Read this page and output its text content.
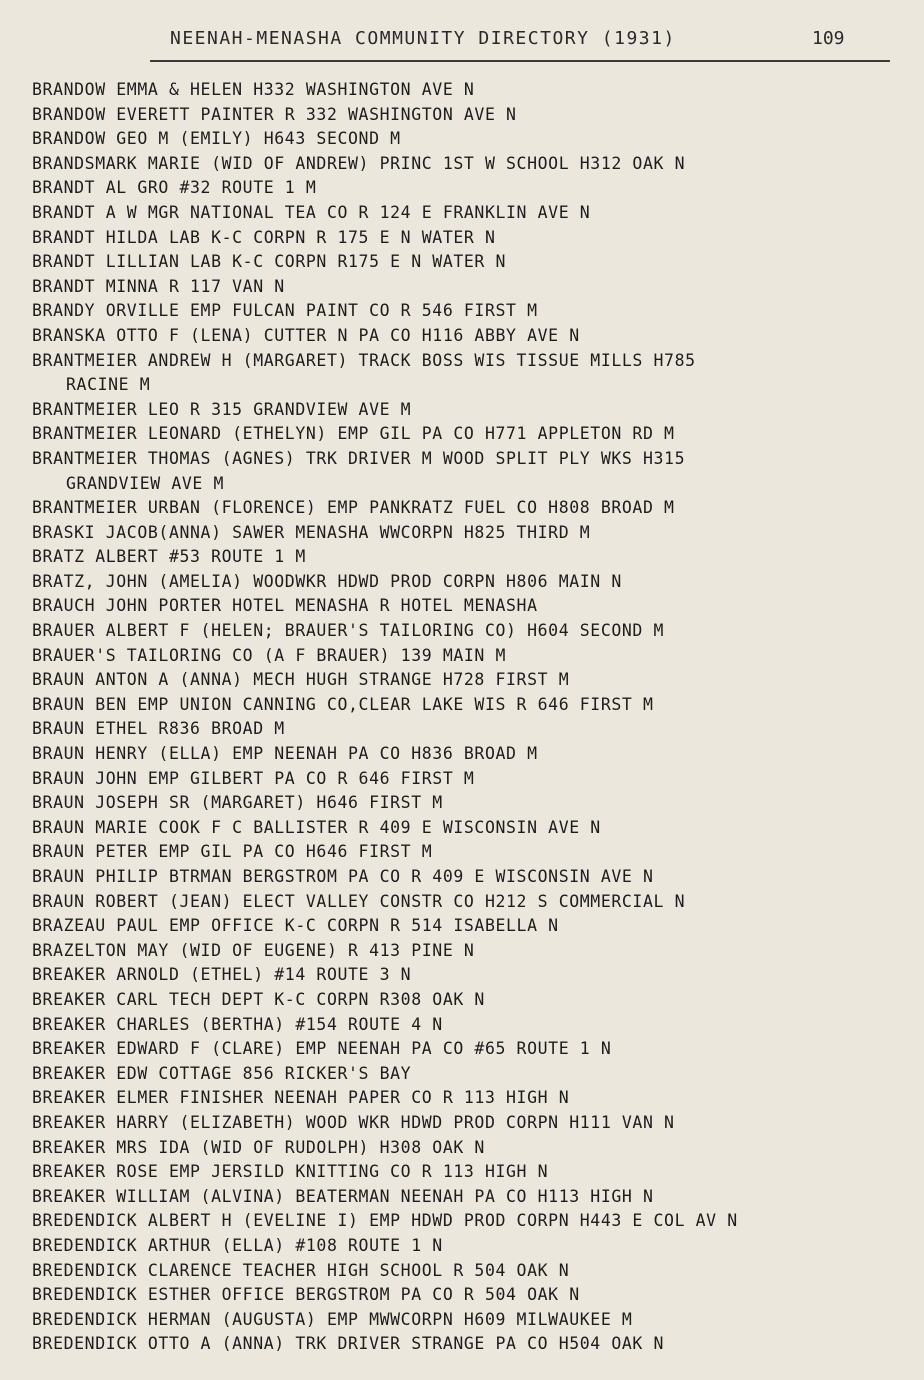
NEENAH-MENASHA COMMUNITY DIRECTORY (1931)	109
BRANDOW EMMA & HELEN H332 WASHINGTON AVE N
BRANDOW EVERETT PAINTER R 332 WASHINGTON AVE N
BRANDOW GEO M (EMILY) H643 SECOND M
BRANDSMARK MARIE (WID OF ANDREW) PRINC 1ST W SCHOOL H312 OAK N
BRANDT AL GRO #32 ROUTE 1 M
BRANDT A W MGR NATIONAL TEA CO R 124 E FRANKLIN AVE N
BRANDT HILDA LAB K-C CORPN R 175 E N WATER N
BRANDT LILLIAN LAB K-C CORPN R175 E N WATER N
BRANDT MINNA R 117 VAN N
BRANDY ORVILLE EMP FULCAN PAINT CO R 546 FIRST M
BRANSKA OTTO F (LENA) CUTTER N PA CO H116 ABBY AVE N
BRANTMEIER ANDREW H (MARGARET) TRACK BOSS WIS TISSUE MILLS H785
RACINE M
BRANTMEIER LEO R 315 GRANDVIEW AVE M
BRANTMEIER LEONARD (ETHELYN) EMP GIL PA CO H771 APPLETON RD M
BRANTMEIER THOMAS (AGNES) TRK DRIVER M WOOD SPLIT PLY WKS H315
GRANDVIEW AVE M
BRANTMEIER URBAN (FLORENCE) EMP PANKRATZ FUEL CO H808 BROAD M
BRASKI JACOB(ANNA) SAWER MENASHA WWCORPN H825 THIRD M
BRATZ ALBERT #53 ROUTE 1 M
BRATZ, JOHN (AMELIA) WOODWKR HDWD PROD CORPN H806 MAIN N
BRAUCH JOHN PORTER HOTEL MENASHA R HOTEL MENASHA
BRAUER ALBERT F (HELEN; BRAUER'S TAILORING CO) H604 SECOND M
BRAUER'S TAILORING CO (A F BRAUER) 139 MAIN M
BRAUN ANTON A (ANNA) MECH HUGH STRANGE H728 FIRST M
BRAUN BEN EMP UNION CANNING CO,CLEAR LAKE WIS R 646 FIRST M
BRAUN ETHEL R836 BROAD M
BRAUN HENRY (ELLA) EMP NEENAH PA CO H836 BROAD M
BRAUN JOHN EMP GILBERT PA CO R 646 FIRST M
BRAUN JOSEPH SR (MARGARET) H646 FIRST M
BRAUN MARIE COOK F C BALLISTER R 409 E WISCONSIN AVE N
BRAUN PETER EMP GIL PA CO H646 FIRST M
BRAUN PHILIP BTRMAN BERGSTROM PA CO R 409 E WISCONSIN AVE N
BRAUN ROBERT (JEAN) ELECT VALLEY CONSTR CO H212 S COMMERCIAL N
BRAZEAU PAUL EMP OFFICE K-C CORPN R 514 ISABELLA N
BRAZELTON MAY (WID OF EUGENE) R 413 PINE N
BREAKER ARNOLD (ETHEL) #14 ROUTE 3 N
BREAKER CARL TECH DEPT K-C CORPN R308 OAK N
BREAKER CHARLES (BERTHA) #154 ROUTE 4 N
BREAKER EDWARD F (CLARE) EMP NEENAH PA CO #65 ROUTE 1 N
BREAKER EDW COTTAGE 856 RICKER'S BAY
BREAKER ELMER FINISHER NEENAH PAPER CO R 113 HIGH N
BREAKER HARRY (ELIZABETH) WOOD WKR HDWD PROD CORPN H111 VAN N
BREAKER MRS IDA (WID OF RUDOLPH) H308 OAK N
BREAKER ROSE EMP JERSILD KNITTING CO R 113 HIGH N
BREAKER WILLIAM (ALVINA) BEATERMAN NEENAH PA CO H113 HIGH N
BREDENDICK ALBERT H (EVELINE I) EMP HDWD PROD CORPN H443 E COL AV N
BREDENDICK ARTHUR (ELLA) #108 ROUTE 1 N
BREDENDICK CLARENCE TEACHER HIGH SCHOOL R 504 OAK N
BREDENDICK ESTHER OFFICE BERGSTROM PA CO R 504 OAK N
BREDENDICK HERMAN (AUGUSTA) EMP MWWCORPN H609 MILWAUKEE M
BREDENDICK OTTO A (ANNA) TRK DRIVER STRANGE PA CO H504 OAK N
